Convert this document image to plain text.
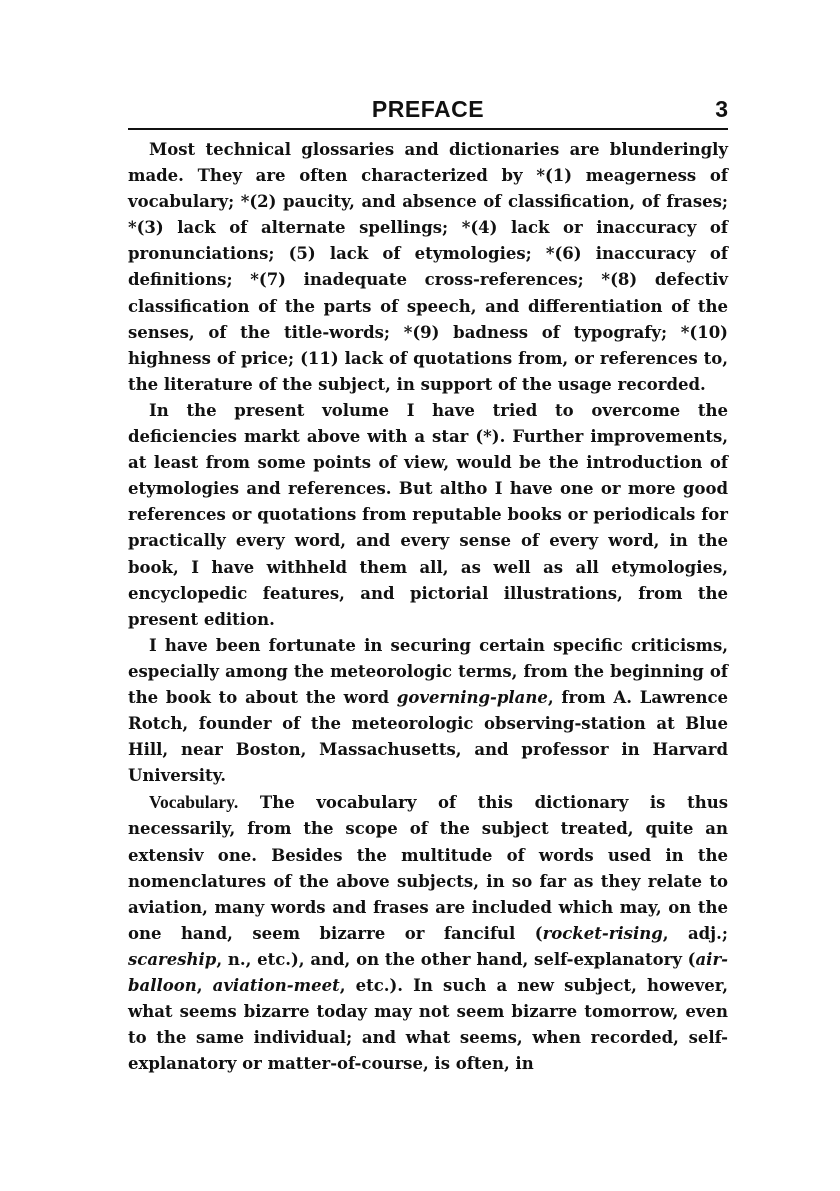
PREFACE	3

Most technical glossaries and dictionaries are blunderingly made. They are often characterized by *(1) meagerness of vocabulary; *(2) paucity, and absence of classification, of frases; *(3) lack of alternate spellings; *(4) lack or inaccuracy of pronunciations; (5) lack of etymologies; *(6) inaccuracy of definitions; *(7) inadequate cross-references; *(8) defectiv classification of the parts of speech, and differentiation of the senses, of the title-words; *(9) badness of typografy; *(10) highness of price; (11) lack of quotations from, or references to, the literature of the subject, in support of the usage recorded.

In the present volume I have tried to overcome the deficiencies markt above with a star (*). Further improvements, at least from some points of view, would be the introduction of etymologies and references. But altho I have one or more good references or quotations from reputable books or periodicals for practically every word, and every sense of every word, in the book, I have withheld them all, as well as all etymologies, encyclopedic features, and pictorial illustrations, from the present edition.

I have been fortunate in securing certain specific criticisms, especially among the meteorologic terms, from the beginning of the book to about the word governing-plane, from A. Lawrence Rotch, founder of the meteorologic observing-station at Blue Hill, near Boston, Massachusetts, and professor in Harvard University.

Vocabulary. The vocabulary of this dictionary is thus necessarily, from the scope of the subject treated, quite an extensiv one. Besides the multitude of words used in the nomenclatures of the above subjects, in so far as they relate to aviation, many words and frases are included which may, on the one hand, seem bizarre or fanciful (rocket-rising, adj.; scareship, n., etc.), and, on the other hand, self-explanatory (air-balloon, aviation-meet, etc.). In such a new subject, however, what seems bizarre today may not seem bizarre tomorrow, even to the same individual; and what seems, when recorded, self-explanatory or matter-of-course, is often, in
